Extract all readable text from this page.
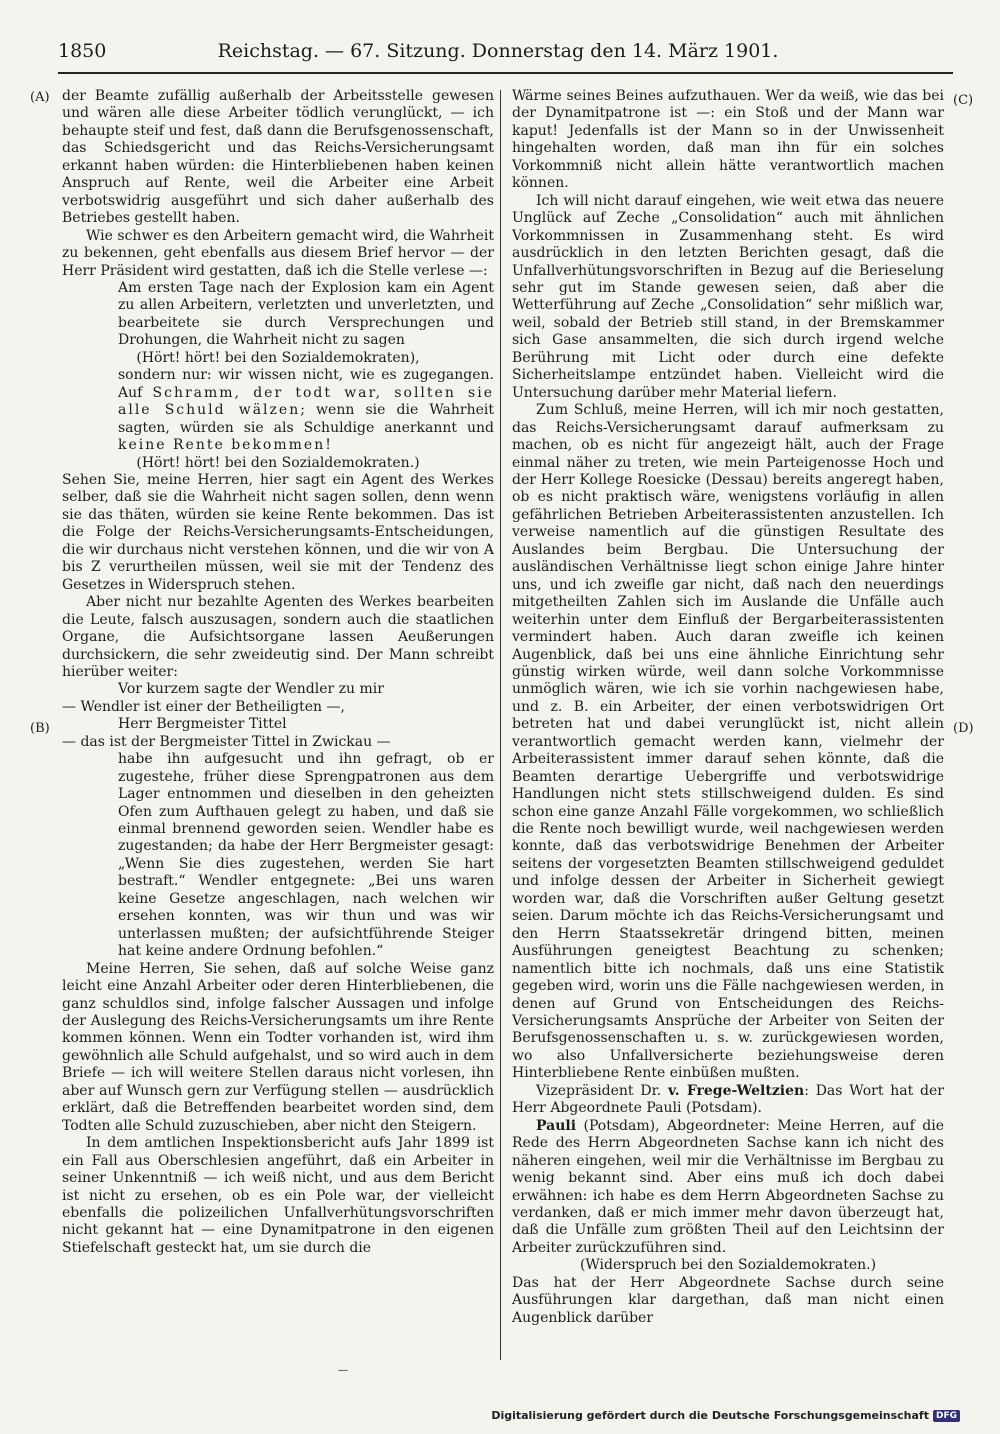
1850	Reichstag. — 67. Sitzung. Donnerstag den 14. März 1901.
(A)
(B)
(C)
(D)

der Beamte zufällig außerhalb der Arbeitsstelle gewesen und wären alle diese Arbeiter tödlich verunglückt, — ich behaupte steif und fest, daß dann die Berufsgenossenschaft, das Schiedsgericht und das Reichs-Versicherungsamt erkannt haben würden: die Hinterbliebenen haben keinen Anspruch auf Rente, weil die Arbeiter eine Arbeit verbotswidrig ausgeführt und sich daher außerhalb des Betriebes gestellt haben.

Wie schwer es den Arbeitern gemacht wird, die Wahrheit zu bekennen, geht ebenfalls aus diesem Brief hervor — der Herr Präsident wird gestatten, daß ich die Stelle verlese —:

Am ersten Tage nach der Explosion kam ein Agent zu allen Arbeitern, verletzten und unverletzten, und bearbeitete sie durch Versprechungen und Drohungen, die Wahrheit nicht zu sagen

(Hört! hört! bei den Sozialdemokraten),

sondern nur: wir wissen nicht, wie es zugegangen. Auf Schramm, der todt war, sollten sie alle Schuld wälzen; wenn sie die Wahrheit sagten, würden sie als Schuldige anerkannt und keine Rente bekommen!

(Hört! hört! bei den Sozialdemokraten.)

Sehen Sie, meine Herren, hier sagt ein Agent des Werkes selber, daß sie die Wahrheit nicht sagen sollen, denn wenn sie das thäten, würden sie keine Rente bekommen. Das ist die Folge der Reichs-Versicherungsamts-Entscheidungen, die wir durchaus nicht verstehen können, und die wir von A bis Z verurtheilen müssen, weil sie mit der Tendenz des Gesetzes in Widerspruch stehen.

Aber nicht nur bezahlte Agenten des Werkes bearbeiten die Leute, falsch auszusagen, sondern auch die staatlichen Organe, die Aufsichtsorgane lassen Aeußerungen durchsickern, die sehr zweideutig sind. Der Mann schreibt hierüber weiter:

Vor kurzem sagte der Wendler zu mir

— Wendler ist einer der Betheiligten —,

Herr Bergmeister Tittel

— das ist der Bergmeister Tittel in Zwickau —

habe ihn aufgesucht und ihn gefragt, ob er zugestehe, früher diese Sprengpatronen aus dem Lager entnommen und dieselben in den geheizten Ofen zum Aufthauen gelegt zu haben, und daß sie einmal brennend geworden seien. Wendler habe es zugestanden; da habe der Herr Bergmeister gesagt: „Wenn Sie dies zugestehen, werden Sie hart bestraft.“ Wendler entgegnete: „Bei uns waren keine Gesetze angeschlagen, nach welchen wir ersehen konnten, was wir thun und was wir unterlassen mußten; der aufsichtführende Steiger hat keine andere Ordnung befohlen.“

Meine Herren, Sie sehen, daß auf solche Weise ganz leicht eine Anzahl Arbeiter oder deren Hinterbliebenen, die ganz schuldlos sind, infolge falscher Aussagen und infolge der Auslegung des Reichs-Versicherungsamts um ihre Rente kommen können. Wenn ein Todter vorhanden ist, wird ihm gewöhnlich alle Schuld aufgehalst, und so wird auch in dem Briefe — ich will weitere Stellen daraus nicht vorlesen, ihn aber auf Wunsch gern zur Verfügung stellen — ausdrücklich erklärt, daß die Betreffenden bearbeitet worden sind, dem Todten alle Schuld zuzuschieben, aber nicht den Steigern.

In dem amtlichen Inspektionsbericht aufs Jahr 1899 ist ein Fall aus Oberschlesien angeführt, daß ein Arbeiter in seiner Unkenntniß — ich weiß nicht, und aus dem Bericht ist nicht zu ersehen, ob es ein Pole war, der vielleicht ebenfalls die polizeilichen Unfallverhütungsvorschriften nicht gekannt hat — eine Dynamitpatrone in den eigenen Stiefelschaft gesteckt hat, um sie durch die

Wärme seines Beines aufzuthauen. Wer da weiß, wie das bei der Dynamitpatrone ist —: ein Stoß und der Mann war kaput! Jedenfalls ist der Mann so in der Unwissenheit hingehalten worden, daß man ihn für ein solches Vorkommniß nicht allein hätte verantwortlich machen können.

Ich will nicht darauf eingehen, wie weit etwa das neuere Unglück auf Zeche „Consolidation“ auch mit ähnlichen Vorkommnissen in Zusammenhang steht. Es wird ausdrücklich in den letzten Berichten gesagt, daß die Unfallverhütungsvorschriften in Bezug auf die Berieselung sehr gut im Stande gewesen seien, daß aber die Wetterführung auf Zeche „Consolidation“ sehr mißlich war, weil, sobald der Betrieb still stand, in der Bremskammer sich Gase ansammelten, die sich durch irgend welche Berührung mit Licht oder durch eine defekte Sicherheitslampe entzündet haben. Vielleicht wird die Untersuchung darüber mehr Material liefern.

Zum Schluß, meine Herren, will ich mir noch gestatten, das Reichs-Versicherungsamt darauf aufmerksam zu machen, ob es nicht für angezeigt hält, auch der Frage einmal näher zu treten, wie mein Parteigenosse Hoch und der Herr Kollege Roesicke (Dessau) bereits angeregt haben, ob es nicht praktisch wäre, wenigstens vorläufig in allen gefährlichen Betrieben Arbeiterassistenten anzustellen. Ich verweise namentlich auf die günstigen Resultate des Auslandes beim Bergbau. Die Untersuchung der ausländischen Verhältnisse liegt schon einige Jahre hinter uns, und ich zweifle gar nicht, daß nach den neuerdings mitgetheilten Zahlen sich im Auslande die Unfälle auch weiterhin unter dem Einfluß der Bergarbeiterassistenten vermindert haben. Auch daran zweifle ich keinen Augenblick, daß bei uns eine ähnliche Einrichtung sehr günstig wirken würde, weil dann solche Vorkommnisse unmöglich wären, wie ich sie vorhin nachgewiesen habe, und z. B. ein Arbeiter, der einen verbotswidrigen Ort betreten hat und dabei verunglückt ist, nicht allein verantwortlich gemacht werden kann, vielmehr der Arbeiterassistent immer darauf sehen könnte, daß die Beamten derartige Uebergriffe und verbotswidrige Handlungen nicht stets stillschweigend dulden. Es sind schon eine ganze Anzahl Fälle vorgekommen, wo schließlich die Rente noch bewilligt wurde, weil nachgewiesen werden konnte, daß das verbotswidrige Benehmen der Arbeiter seitens der vorgesetzten Beamten stillschweigend geduldet und infolge dessen der Arbeiter in Sicherheit gewiegt worden war, daß die Vorschriften außer Geltung gesetzt seien. Darum möchte ich das Reichs-Versicherungsamt und den Herrn Staatssekretär dringend bitten, meinen Ausführungen geneigtest Beachtung zu schenken; namentlich bitte ich nochmals, daß uns eine Statistik gegeben wird, worin uns die Fälle nachgewiesen werden, in denen auf Grund von Entscheidungen des Reichs-Versicherungsamts Ansprüche der Arbeiter von Seiten der Berufsgenossenschaften u. s. w. zurückgewiesen worden, wo also Unfallversicherte beziehungsweise deren Hinterbliebene Rente einbüßen mußten.

Vizepräsident Dr. v. Frege-Weltzien: Das Wort hat der Herr Abgeordnete Pauli (Potsdam).

Pauli (Potsdam), Abgeordneter: Meine Herren, auf die Rede des Herrn Abgeordneten Sachse kann ich nicht des näheren eingehen, weil mir die Verhältnisse im Bergbau zu wenig bekannt sind. Aber eins muß ich doch dabei erwähnen: ich habe es dem Herrn Abgeordneten Sachse zu verdanken, daß er mich immer mehr davon überzeugt hat, daß die Unfälle zum größten Theil auf den Leichtsinn der Arbeiter zurückzuführen sind.

(Widerspruch bei den Sozialdemokraten.)

Das hat der Herr Abgeordnete Sachse durch seine Ausführungen klar dargethan, daß man nicht einen Augenblick darüber

—
Digitalisierung gefördert durch die Deutsche Forschungsgemeinschaft DFG
